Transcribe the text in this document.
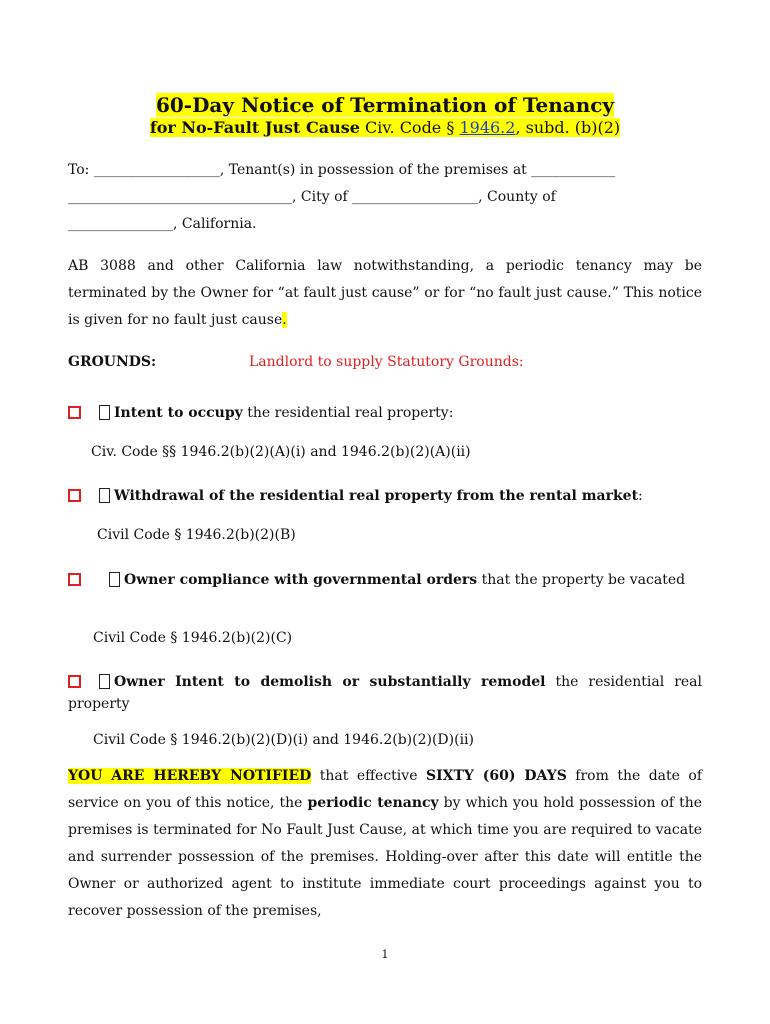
60-Day Notice of Termination of Tenancy
for No-Fault Just Cause Civ. Code § 1946.2, subd. (b)(2)
To: __________________, Tenant(s) in possession of the premises at ____________
________________________________, City of __________________, County of
_______________, California.
AB 3088 and other California law notwithstanding, a periodic tenancy may be terminated by the Owner for “at fault just cause” or for “no fault just cause.” This notice is given for no fault just cause.
GROUNDS:	Landlord to supply Statutory Grounds:
Intent to occupy the residential real property:
Civ. Code §§ 1946.2(b)(2)(A)(i) and 1946.2(b)(2)(A)(ii)
Withdrawal of the residential real property from the rental market:
Civil Code § 1946.2(b)(2)(B)
Owner compliance with governmental orders that the property be vacated
Civil Code § 1946.2(b)(2)(C)
Owner Intent to demolish or substantially remodel the residential real property
Civil Code § 1946.2(b)(2)(D)(i) and 1946.2(b)(2)(D)(ii)
YOU ARE HEREBY NOTIFIED that effective SIXTY (60) DAYS from the date of service on you of this notice, the periodic tenancy by which you hold possession of the premises is terminated for No Fault Just Cause, at which time you are required to vacate and surrender possession of the premises. Holding-over after this date will entitle the Owner or authorized agent to institute immediate court proceedings against you to recover possession of the premises,
1
